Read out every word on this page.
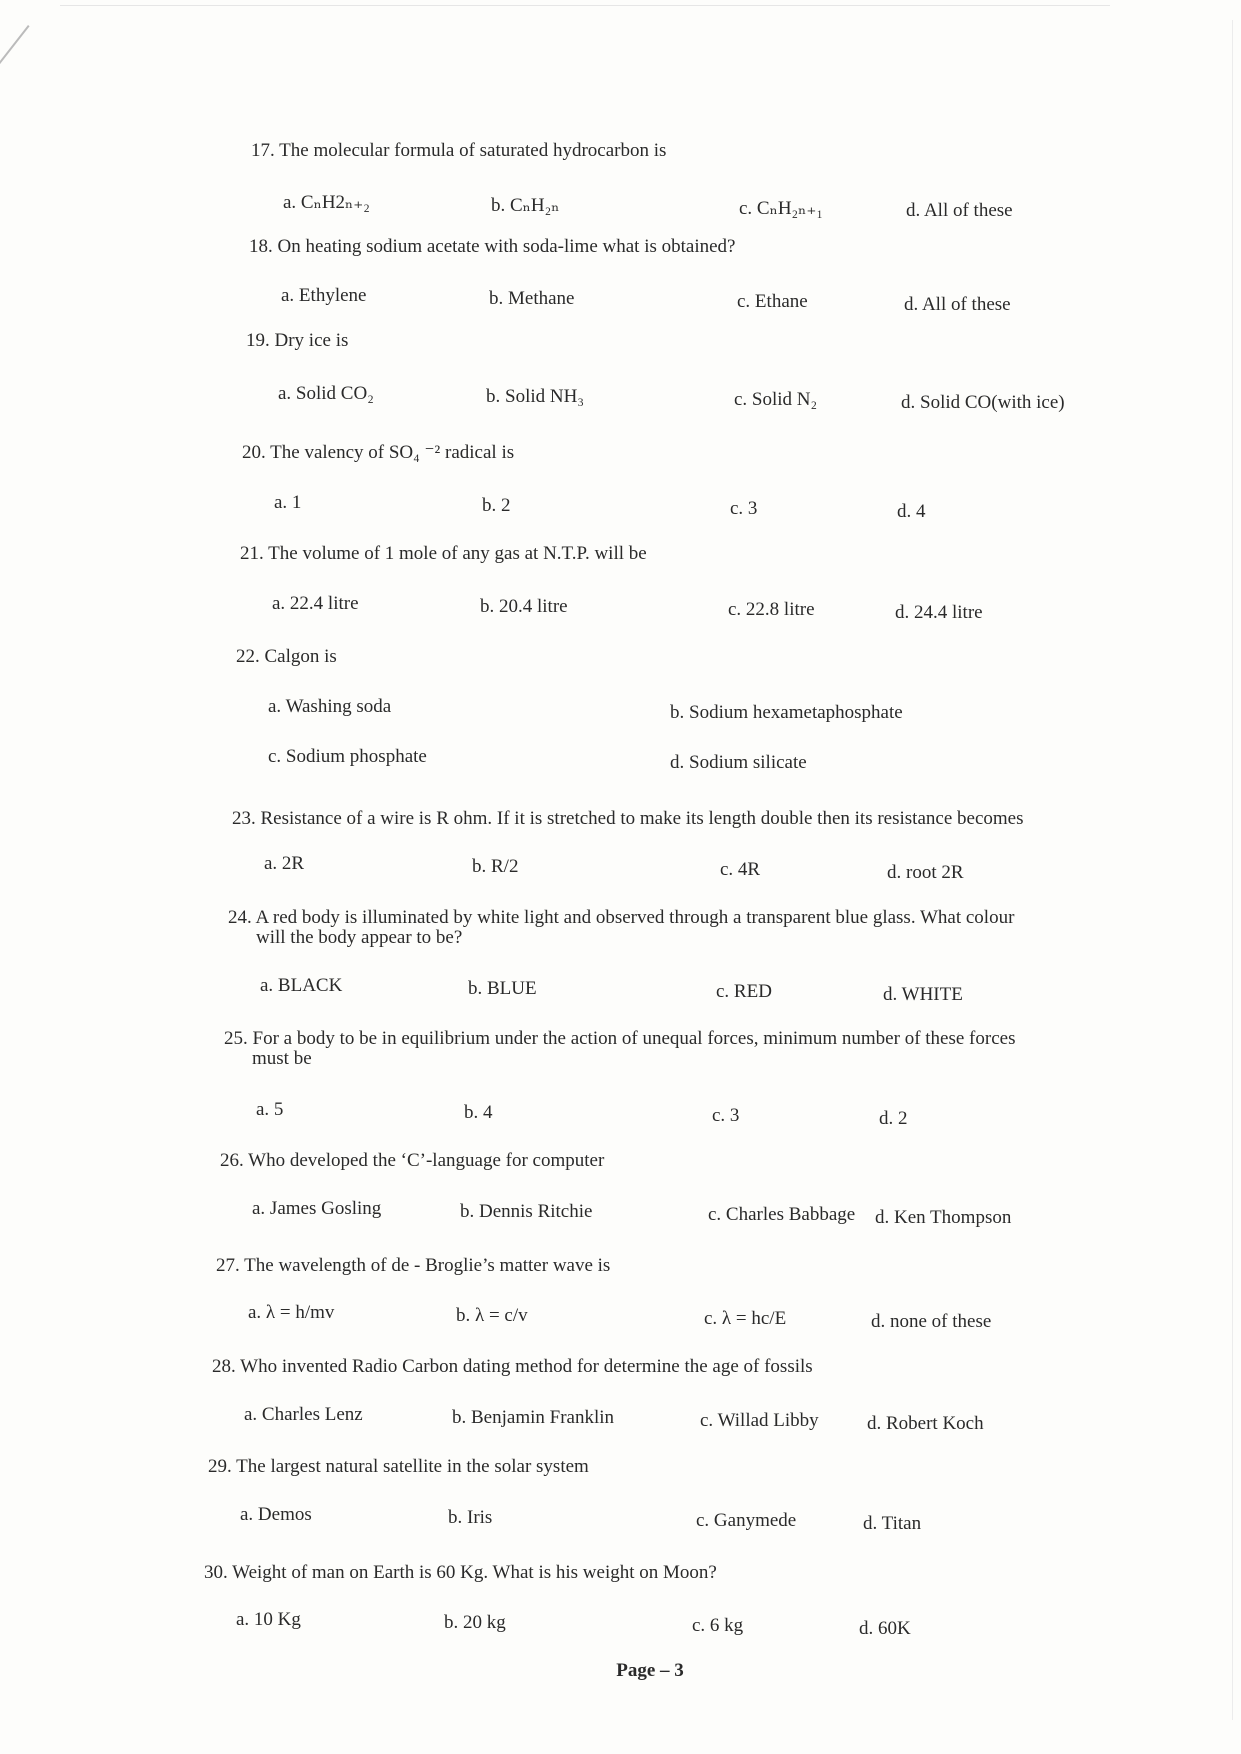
17. The molecular formula of saturated hydrocarbon is
a. CₙH2ₙ₊₂	b. CₙH₂ₙ	c. CₙH₂ₙ₊₁	d. All of these
18. On heating sodium acetate with soda-lime what is obtained?
a. Ethylene	b. Methane	c. Ethane	d. All of these
19. Dry ice is
a. Solid CO₂	b. Solid NH₃	c. Solid N₂	d. Solid CO(with ice)
20. The valency of SO₄ ⁻² radical is
a. 1	b. 2	c. 3	d. 4
21. The volume of 1 mole of any gas at N.T.P. will be
a. 22.4 litre	b. 20.4 litre	c. 22.8 litre	d. 24.4 litre
22. Calgon is
a. Washing soda	b. Sodium hexametaphosphate
c. Sodium phosphate	d. Sodium silicate
23. Resistance of a wire is R ohm. If it is stretched to make its length double then its resistance becomes
a. 2R	b. R/2	c. 4R	d. root 2R
24. A red body is illuminated by white light and observed through a transparent blue glass. What colour
will the body appear to be?
a. BLACK	b. BLUE	c. RED	d. WHITE
25. For a body to be in equilibrium under the action of unequal forces, minimum number of these forces
must be
a. 5	b. 4	c. 3	d. 2
26. Who developed the ‘C’-language for computer
a. James Gosling	b. Dennis Ritchie	c. Charles Babbage d. Ken Thompson
27. The wavelength of de - Broglie’s matter wave is
a. λ = h/mv	b. λ = c/v	c. λ = hc/E	d. none of these
28. Who invented Radio Carbon dating method for determine the age of fossils
a. Charles Lenz	b. Benjamin Franklin	c. Willad Libby	d. Robert Koch
29. The largest natural satellite in the solar system
a. Demos	b. Iris	c. Ganymede	d. Titan
30. Weight of man on Earth is 60 Kg. What is his weight on Moon?
a. 10 Kg	b. 20 kg	c. 6 kg	d. 60K
Page – 3
